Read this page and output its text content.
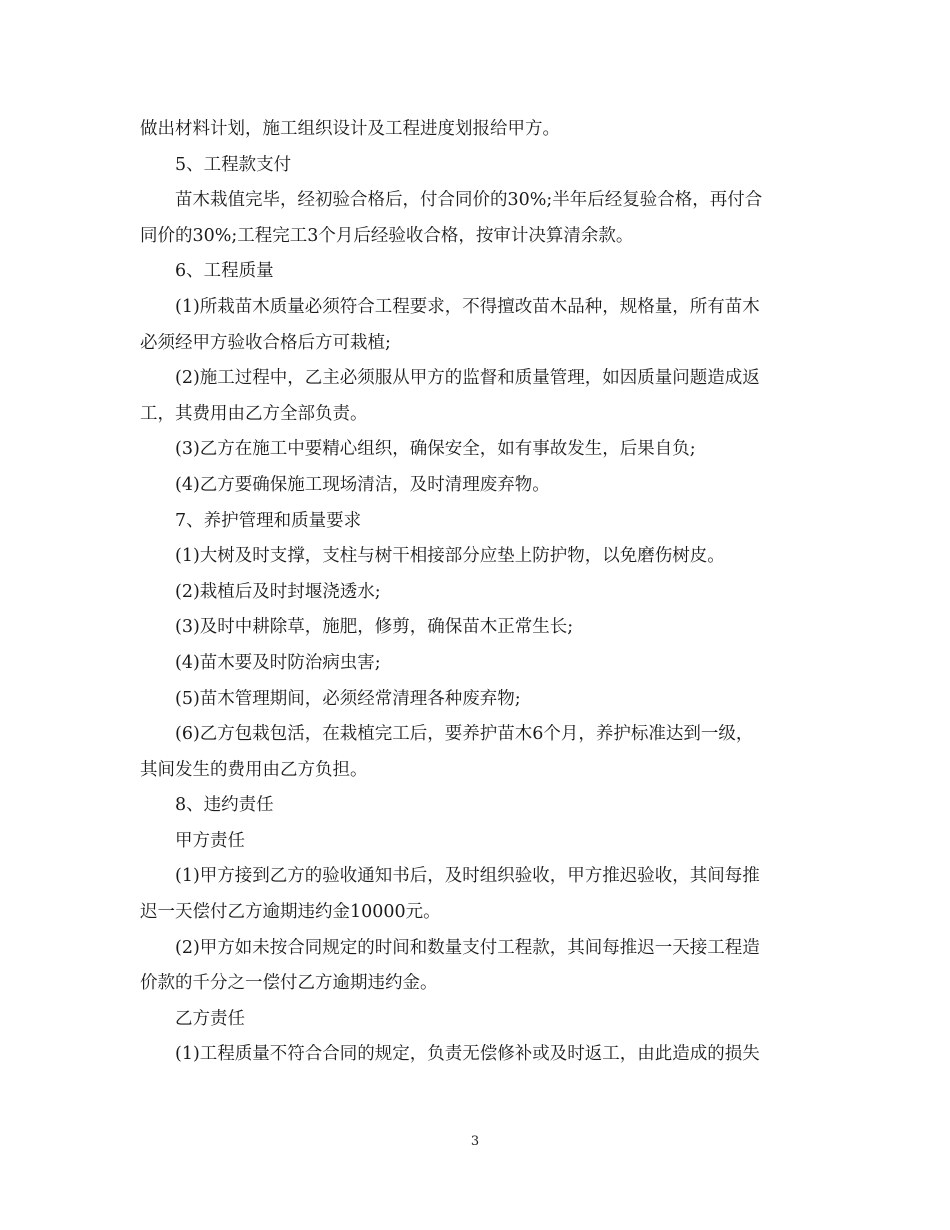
做出材料计划，施工组织设计及工程进度划报给甲方。
5、工程款支付
苗木栽值完毕，经初验合格后，付合同价的30%;半年后经复验合格，再付合
同价的30%;工程完工3个月后经验收合格，按审计决算清余款。
6、工程质量
(1)所栽苗木质量必须符合工程要求，不得擅改苗木品种，规格量，所有苗木
必须经甲方验收合格后方可栽植;
(2)施工过程中，乙主必须服从甲方的监督和质量管理，如因质量问题造成返
工，其费用由乙方全部负责。
(3)乙方在施工中要精心组织，确保安全，如有事故发生，后果自负;
(4)乙方要确保施工现场清洁，及时清理废弃物。
7、养护管理和质量要求
(1)大树及时支撑，支柱与树干相接部分应垫上防护物，以免磨伤树皮。
(2)栽植后及时封堰浇透水;
(3)及时中耕除草，施肥，修剪，确保苗木正常生长;
(4)苗木要及时防治病虫害;
(5)苗木管理期间，必须经常清理各种废弃物;
(6)乙方包栽包活，在栽植完工后，要养护苗木6个月，养护标准达到一级，
其间发生的费用由乙方负担。
8、违约责任
甲方责任
(1)甲方接到乙方的验收通知书后，及时组织验收，甲方推迟验收，其间每推
迟一天偿付乙方逾期违约金10000元。
(2)甲方如未按合同规定的时间和数量支付工程款，其间每推迟一天接工程造
价款的千分之一偿付乙方逾期违约金。
乙方责任
(1)工程质量不符合合同的规定，负责无偿修补或及时返工，由此造成的损失
3
